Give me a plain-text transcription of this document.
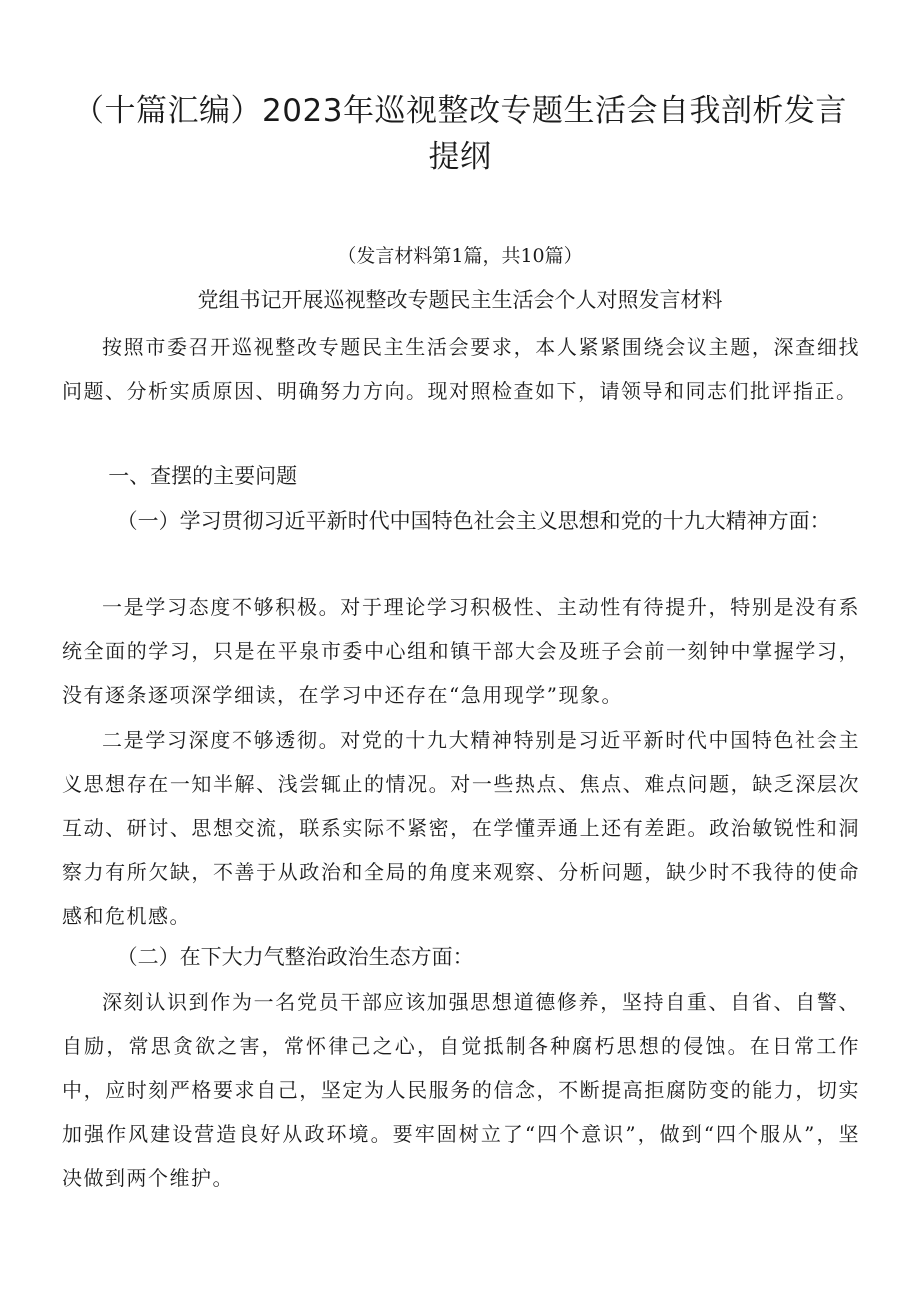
（十篇汇编）2023年巡视整改专题生活会自我剖析发言提纲
（发言材料第1篇，共10篇）
党组书记开展巡视整改专题民主生活会个人对照发言材料

按照市委召开巡视整改专题民主生活会要求，本人紧紧围绕会议主题，深查细找问题、分析实质原因、明确努力方向。现对照检查如下，请领导和同志们批评指正。

一、查摆的主要问题

（一）学习贯彻习近平新时代中国特色社会主义思想和党的十九大精神方面：

一是学习态度不够积极。对于理论学习积极性、主动性有待提升，特别是没有系统全面的学习，只是在平泉市委中心组和镇干部大会及班子会前一刻钟中掌握学习，没有逐条逐项深学细读，在学习中还存在“急用现学”现象。

二是学习深度不够透彻。对党的十九大精神特别是习近平新时代中国特色社会主义思想存在一知半解、浅尝辄止的情况。对一些热点、焦点、难点问题，缺乏深层次互动、研讨、思想交流，联系实际不紧密，在学懂弄通上还有差距。政治敏锐性和洞察力有所欠缺，不善于从政治和全局的角度来观察、分析问题，缺少时不我待的使命感和危机感。

（二）在下大力气整治政治生态方面：

深刻认识到作为一名党员干部应该加强思想道德修养，坚持自重、自省、自警、自励，常思贪欲之害，常怀律己之心，自觉抵制各种腐朽思想的侵蚀。在日常工作中，应时刻严格要求自己，坚定为人民服务的信念，不断提高拒腐防变的能力，切实加强作风建设营造良好从政环境。要牢固树立了“四个意识”，做到“四个服从”，坚决做到两个维护。
